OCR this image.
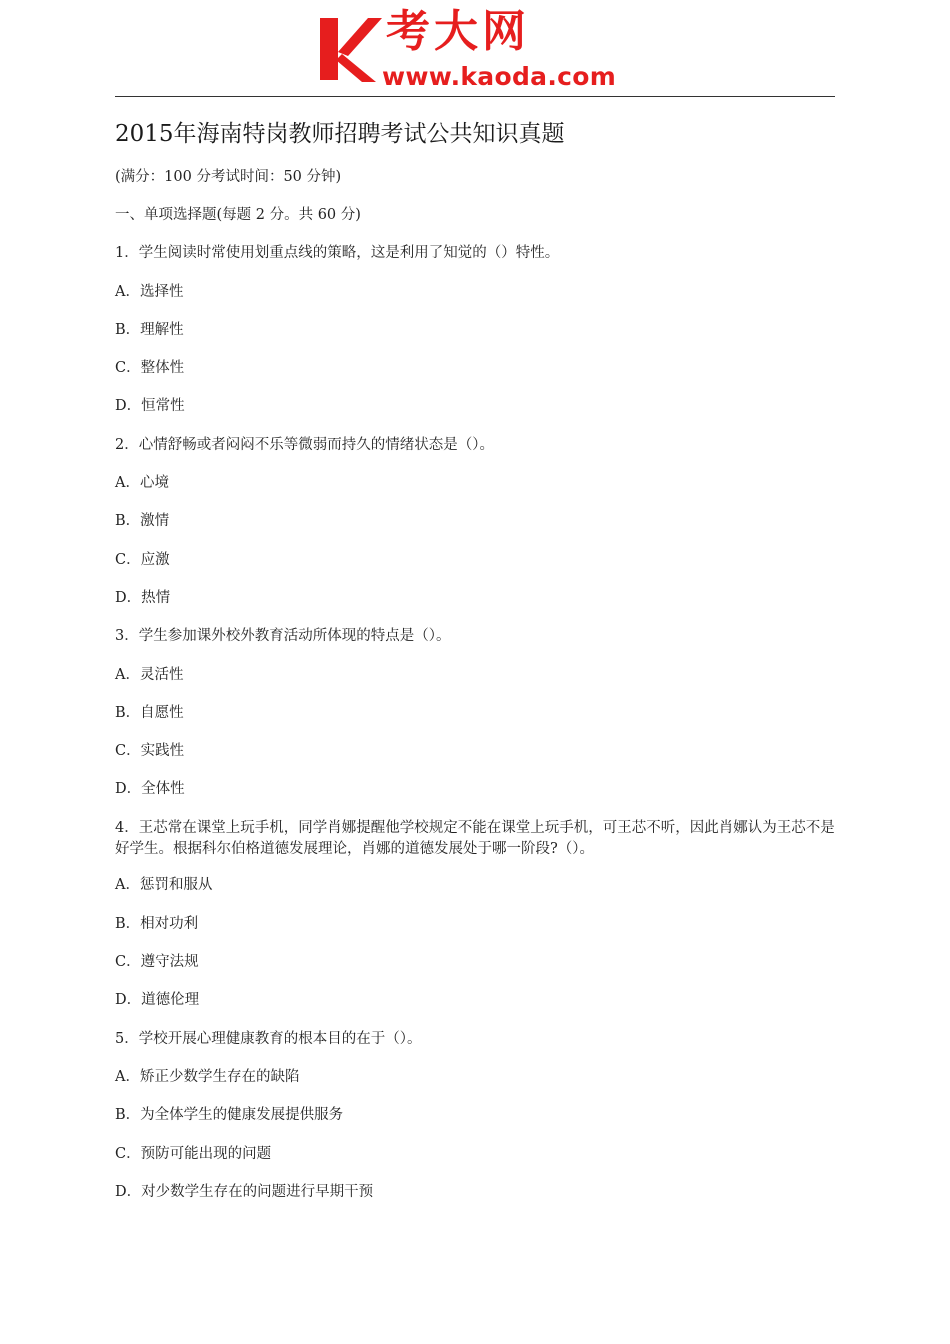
考大网
www.kaoda.com
2015年海南特岗教师招聘考试公共知识真题
(满分：100 分考试时间：50 分钟)
一、单项选择题(每题 2 分。共 60 分)
1．学生阅读时常使用划重点线的策略，这是利用了知觉的（）特性。
A．选择性
B．理解性
C．整体性
D．恒常性
2．心情舒畅或者闷闷不乐等微弱而持久的情绪状态是（）。
A．心境
B．激情
C．应激
D．热情
3．学生参加课外校外教育活动所体现的特点是（）。
A．灵活性
B．自愿性
C．实践性
D．全体性
4．王芯常在课堂上玩手机，同学肖娜提醒他学校规定不能在课堂上玩手机，可王芯不听，因此肖娜认为王芯不是好学生。根据科尔伯格道德发展理论，肖娜的道德发展处于哪一阶段?（）。
A．惩罚和服从
B．相对功利
C．遵守法规
D．道德伦理
5．学校开展心理健康教育的根本目的在于（）。
A．矫正少数学生存在的缺陷
B．为全体学生的健康发展提供服务
C．预防可能出现的问题
D．对少数学生存在的问题进行早期干预
